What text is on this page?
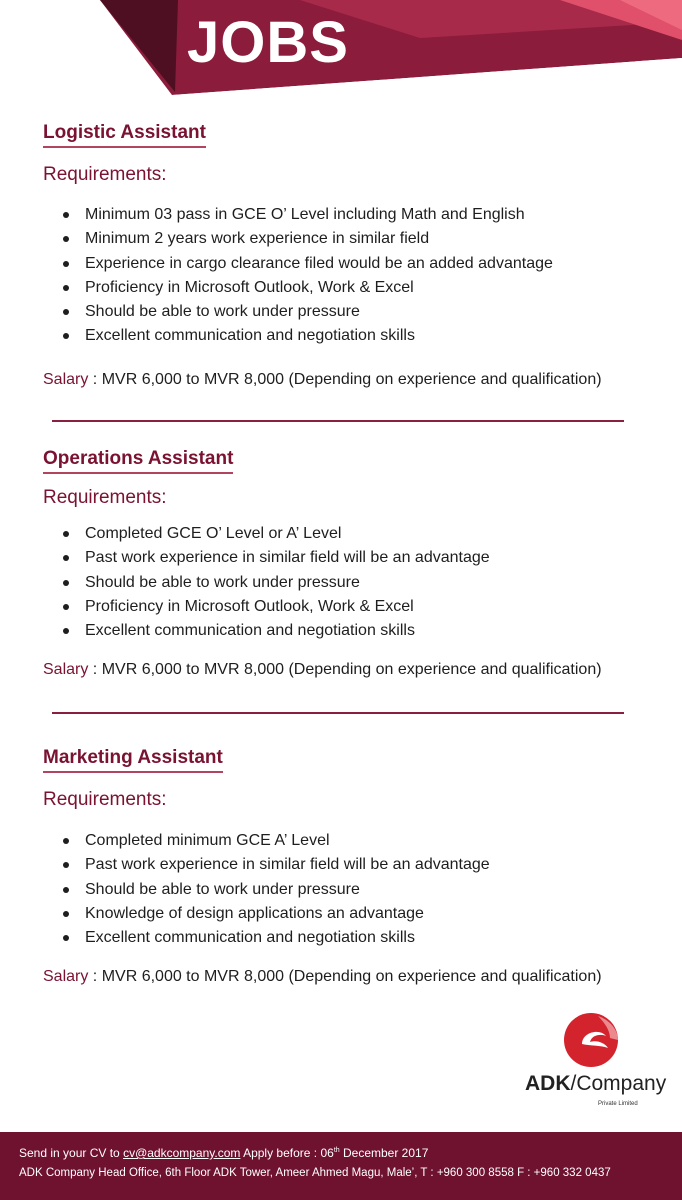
JOBS
Logistic Assistant
Requirements:
Minimum 03 pass in GCE O’ Level including Math and English
Minimum 2 years work experience in similar field
Experience in cargo clearance filed would be an added advantage
Proficiency in Microsoft Outlook, Work & Excel
Should be able to work under pressure
Excellent communication and negotiation skills
Salary : MVR 6,000 to MVR 8,000 (Depending on experience and qualification)
Operations Assistant
Requirements:
Completed GCE O’ Level or A’ Level
Past work experience in similar field will be an advantage
Should be able to work under pressure
Proficiency in Microsoft Outlook, Work & Excel
Excellent communication and negotiation skills
Salary : MVR 6,000 to MVR 8,000 (Depending on experience and qualification)
Marketing Assistant
Requirements:
Completed minimum GCE A’ Level
Past work experience in similar field will be an advantage
Should be able to work under pressure
Knowledge of design applications an advantage
Excellent communication and negotiation skills
Salary : MVR 6,000 to MVR 8,000 (Depending on experience and qualification)
ADK/Company
Private Limited
Send in your CV to cv@adkcompany.com Apply before : 06th December 2017
ADK Company Head Office, 6th Floor ADK Tower, Ameer Ahmed Magu, Male’, T : +960 300 8558 F : +960 332 0437
